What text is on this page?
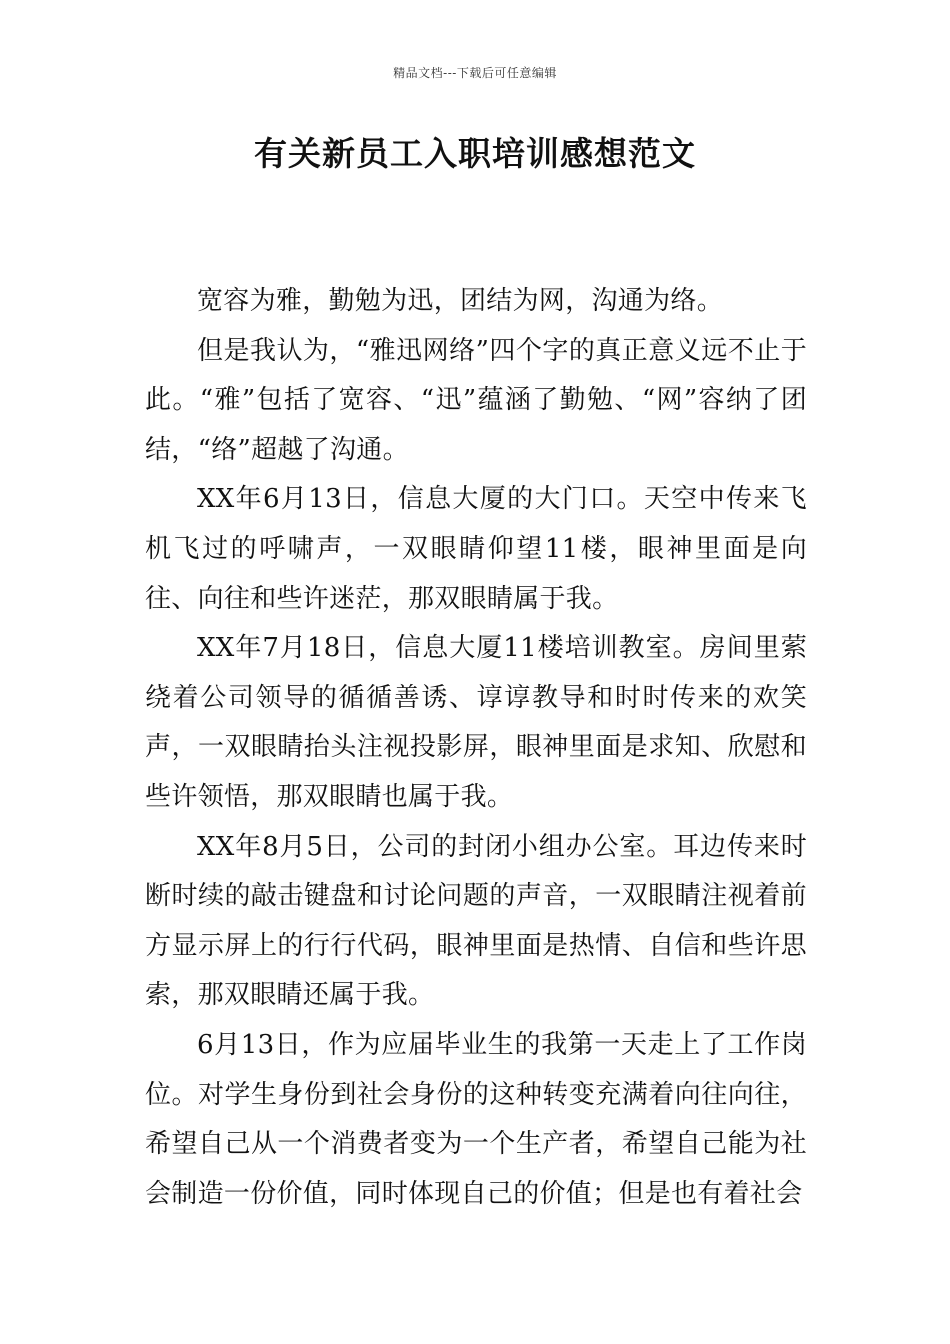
精品文档---下载后可任意编辑
有关新员工入职培训感想范文

宽容为雅，勤勉为迅，团结为网，沟通为络。

但是我认为，“雅迅网络”四个字的真正意义远不止于此。“雅”包括了宽容、“迅”蕴涵了勤勉、“网”容纳了团结，“络”超越了沟通。

XX年6月13日，信息大厦的大门口。天空中传来飞机飞过的呼啸声，一双眼睛仰望11楼，眼神里面是向往、向往和些许迷茫，那双眼睛属于我。

XX年7月18日，信息大厦11楼培训教室。房间里萦绕着公司领导的循循善诱、谆谆教导和时时传来的欢笑声，一双眼睛抬头注视投影屏，眼神里面是求知、欣慰和些许领悟，那双眼睛也属于我。

XX年8月5日，公司的封闭小组办公室。耳边传来时断时续的敲击键盘和讨论问题的声音，一双眼睛注视着前方显示屏上的行行代码，眼神里面是热情、自信和些许思索，那双眼睛还属于我。

6月13日，作为应届毕业生的我第一天走上了工作岗位。对学生身份到社会身份的这种转变充满着向往向往，希望自己从一个消费者变为一个生产者，希望自己能为社会制造一份价值，同时体现自己的价值；但是也有着社会
